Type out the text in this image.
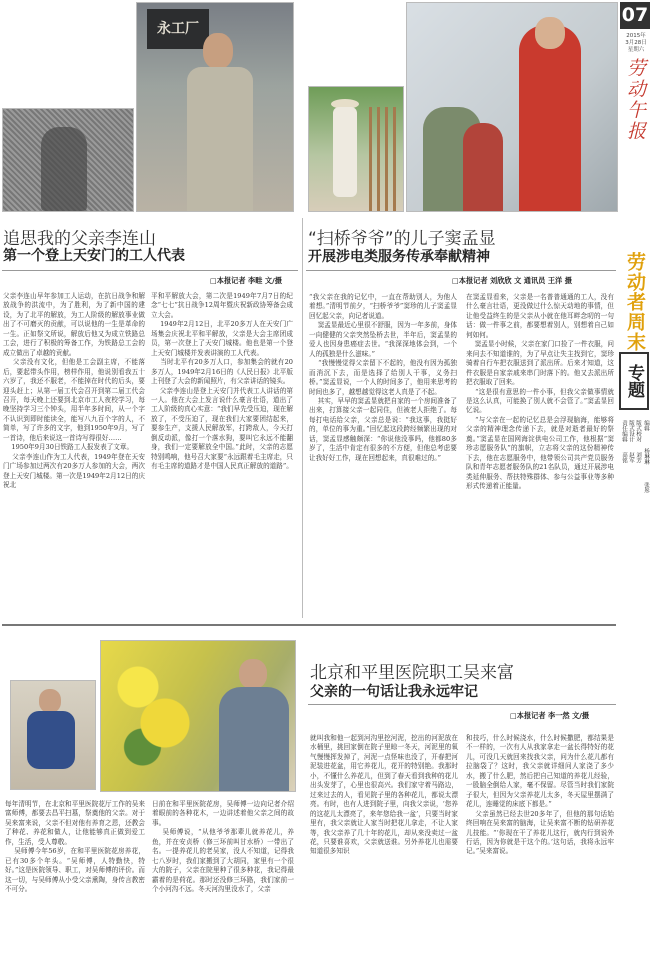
永工厂
07
2015年
3月28日
星期六
劳动午报
劳动者周末
专题
责任编辑 版式设计 版式校对
高铭 赵军 刘芳
编辑
杨琳琳
张彤
追思我的父亲李连山
第一个登上天安门的工人代表
□本报记者 李畦 文/摄
父亲李连山早年参加工人运动，在抗日战争和解放战争的洪流中，为了胜利，为了新中国的建设，为了北平的解放，为工人阶级的解放事业做出了不可磨灭的贡献，可以说他的一生是革命的一生。正如祭文所说，解放后他又为成立铁路总工会，进行了积极的筹备工作，为铁路总工会的成立做出了卓越的贡献。
父亲没有文化，但他是工会副主席，不能落后，要起带头作用，榜样作用，他说别看我五十六岁了，我还不服老，不能掉在时代的后头，要迎头赶上；从第一届工代会召开到第二届工代会召开，每天晚上还要到北京市工人夜校学习，每晚坚持学习三个钟头，用半年多时间，从一个字不认识到即时能读全，能写八九百个字的人，不简单，写了许多的文字，他到1950年9月，写了一首诗，他后来说这一首诗写得很好……
1950年9月30日铁路工人报发表了文章。
父亲李连山作为工人代表，1949年登在天安门广场参加过两次有20多万人参加的大会，两次登上天安门城楼。第一次是1949年2月12日的庆祝北
平和平解放大会，第二次是1949年7月7日的纪念“七七”抗日战争12周年暨庆祝新政协筹备会成立大会。
1949年2月12日，北平20多万人在天安门广场集会庆祝北平和平解放，父亲是大会主席团成员，第一次登上了天安门城楼。他也是第一个登上天安门城楼并发表讲演的工人代表。
当时北平有20多万人口，参加集会的就有20多万人，1949年2月16日的《人民日报》北平版上刊登了大会的新闻照片，有父亲讲话的镜头。
父亲李连山是登上天安门并代表工人讲话的第一人。他在大会上发言说什么豪言壮语，道出了工人阶级的真心实意：“我们早先受压迫，现在解放了，不受压迫了，现在我们大家要团结起来，要参生产，支援人民解放军，打跨敌人，今天打倒反动派，像打一个落水狗，要叫它永远不能翻身，我们一定要解放全中国。”此时，父亲的志愿特别鸣响，他号召大家要“永远跟着毛主席走，只有毛主席的道路才是中国人民真正解放的道路”。
“扫桥爷爷”的儿子窦孟显
开展涉电类服务传承奉献精神
□本报记者 刘欣欣 文 通讯员 王洋 摄
“我父亲在我的记忆中，一直在帮助别人，为他人着想。”清明节前夕，“扫桥爷爷”窦珍的儿子窦孟显回忆起父亲，向记者说道。
窦孟显最近心里很不舒服，因为一年多前，身体一向健健的父亲突然坠桥去世，半年后，窦孟显的爱人也因身患癌症去世。“我深深地体会到，一个人的孤独是什么滋味。”
“我慢慢觉得父亲留下不起的，他没有因为孤独而消沉下去，而是选择了给别人干事，义务扫桥。”窦孟显说，一个人的时间多了，他用来思考的时间也多了，越想越觉得这老人真是了不起。
其实，早早的窦孟显就把自家的一个房间准备了出来，打算接父亲一起同住，但被老人拒绝了。每每打电话给父亲，父亲总是说：“我这事，我挺好的，单位的事为重。”回忆起这段跨经频繁出现的对话，窦孟显感触颇深：“你说他没事吗，他都80多岁了，生活中肯定有很多的不方便，但他总考虑要让我好好工作，现在回想起来，真很难过的。”
在窦孟显看来，父亲是一名普普通通的工人，没有什么豪言壮语，更没做过什么惊天动地的事情，但让他受益终生的是父亲从小就在他耳畔念叨的一句话：做一件事之前，都要想着别人，别想着自己如何如何。
窦孟显小时候，父亲在家门口捡了一件衣服，问来问去不知道谁的，为了早点让失主找到它，窦珍骑着自行车把衣服送到了派出所。后来才知道，这件衣服是自家亲戚来串门时落下的。他又去派出所把衣服取了回来。
“这是很有意思的一件小事，但我父亲做事情就是这么认真，可能换了别人就不会管了。”窦孟显回忆说。
“与父亲在一起的记忆总是会浮现脑海，能够将父亲的精神理念传递下去，就是对逝者最好的祭奠。”窦孟显在国网海淀供电公司工作，他根据“窦珍志愿服务队”的旗帜，立志将父亲的这份精神传下去，他在志愿服务中，他带领公司共产党员服务队和青年志愿者服务队的21名队员，通过开展涉电类延伸服务、帮扶特殊群体、参与公益事业等多种形式传递着正能量。
北京和平里医院职工吴来富
父亲的一句话让我永远牢记
□本报记者 李一然 文/摄
每年清明节，在北京和平里医院花厅工作的吴来富师傅，都要去昌平扫墓，祭奠他的父亲。对于吴来富来说，父亲不但对他有养育之恩，还教会了种花、养花和做人，让他能够真正做到爱工作，生活，受人尊敬。
吴师傅今年56岁，在和平里医院花房养花，已有30多个年头。“吴师傅，人特勤快，特好。”这是医院领导、职工，对吴师傅的评价。而这一切，与吴师傅从小受父亲熏陶，身传言教密不可分。
日前在和平里医院花房，吴师傅一边向记者介绍着眼前的各种花木，一边讲述着他父亲之间的故事。
吴师傅说，“从他爷爷那辈儿就养花儿，养鱼，并在安贞桥（修三环前叫甘水桥）一带出了名。一提养花儿的老吴家，没人不知道，记得我七八岁时，我们家搬到了大胡同，家里有一个很大的院子，父亲在院里种了很多种花，我记得最霸着的是荷花。那时还没修三环路，我们家前一个小河沟不远。冬天河沟里没水了，父亲
就叫我和他一起到河沟里挖河泥，挖出的河泥放在水桶里，挑回家倒在院子里晾一冬天，河泥里的氧气慢慢挥发掉了，河泥一点怪味也没了，开春把河泥装进花盆，用它养花儿，花开的特别艳。我那时小，不懂什么养花儿，但到了春天看到我种的花儿出头发芽了，心里也很高兴。我们家守着马路边，过来过去的人，看见院子里的各种花儿，都说太漂亮。有时，也有人进到院子里，向我父亲说，‘您养的这花儿太漂亮了，来年您给我一盆’，只要当时家里有，我父亲就让人家当时把花儿拿走，不让人家等，我父亲养了几十年的花儿，却从来没卖过一盆花，只要谁喜欢，父亲就送谁。另外养花儿也需要知道很多知识
和技巧，什么时候浇水，什么时候撒肥，都结果是不一样的，一次有人从我家拿走一盆长得特好的花儿，可没几天就回来找我父亲，问为什么花儿都有拉脑袋了？这时，我父亲就详细问人家浇了多少水，搬了什么肥，然后把自己知道的养花儿经验，一股脑全倒给人家，毫不保留。尽管当时我们家院子很大，但因为父亲养花儿太多，冬天屋里摆满了花儿，连睡觉的床底下都是。”
父亲虽然已经去世20多年了，但他的那句话始终回响在吴来富的脑海，让吴来富不断的钻研养花儿技能。“‘你现在干了养花儿这行，就内行到说外行话，因为你就是干这个的。’这句话，我将永远牢记。”吴来富说。
